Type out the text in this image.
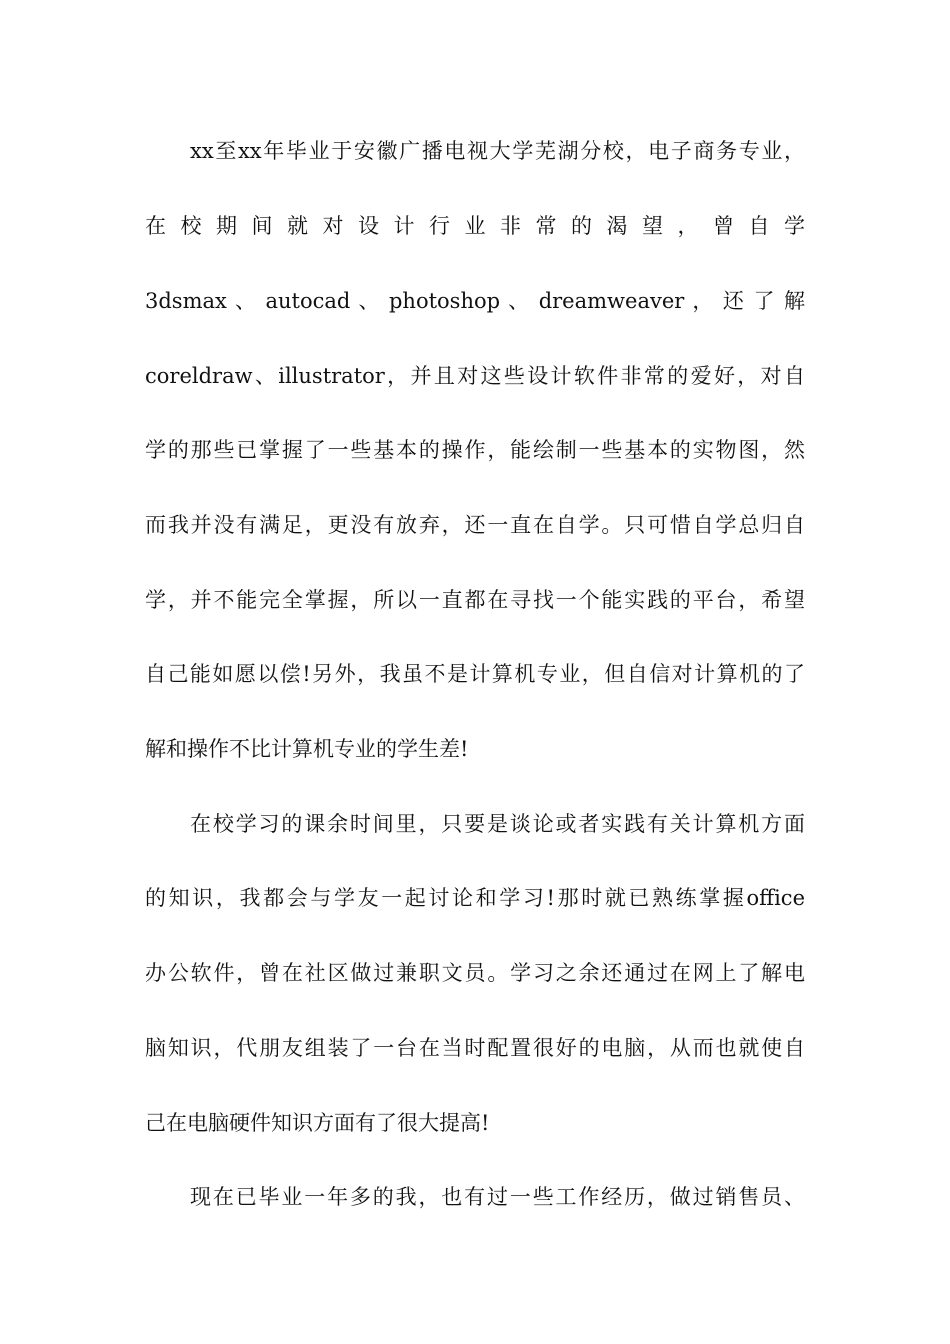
xx至xx年毕业于安徽广播电视大学芜湖分校，电子商务专业，
在 校 期 间 就 对 设 计 行 业 非 常 的 渴 望 ， 曾 自 学
3dsmax 、 autocad 、 photoshop 、 dreamweaver ， 还 了 解
coreldraw、illustrator，并且对这些设计软件非常的爱好，对自
学的那些已掌握了一些基本的操作，能绘制一些基本的实物图，然
而我并没有满足，更没有放弃，还一直在自学。只可惜自学总归自
学，并不能完全掌握，所以一直都在寻找一个能实践的平台，希望
自己能如愿以偿!另外，我虽不是计算机专业，但自信对计算机的了
解和操作不比计算机专业的学生差!
在校学习的课余时间里，只要是谈论或者实践有关计算机方面
的知识，我都会与学友一起讨论和学习!那时就已熟练掌握office
办公软件，曾在社区做过兼职文员。学习之余还通过在网上了解电
脑知识，代朋友组装了一台在当时配置很好的电脑，从而也就使自
己在电脑硬件知识方面有了很大提高!
现在已毕业一年多的我，也有过一些工作经历，做过销售员、
